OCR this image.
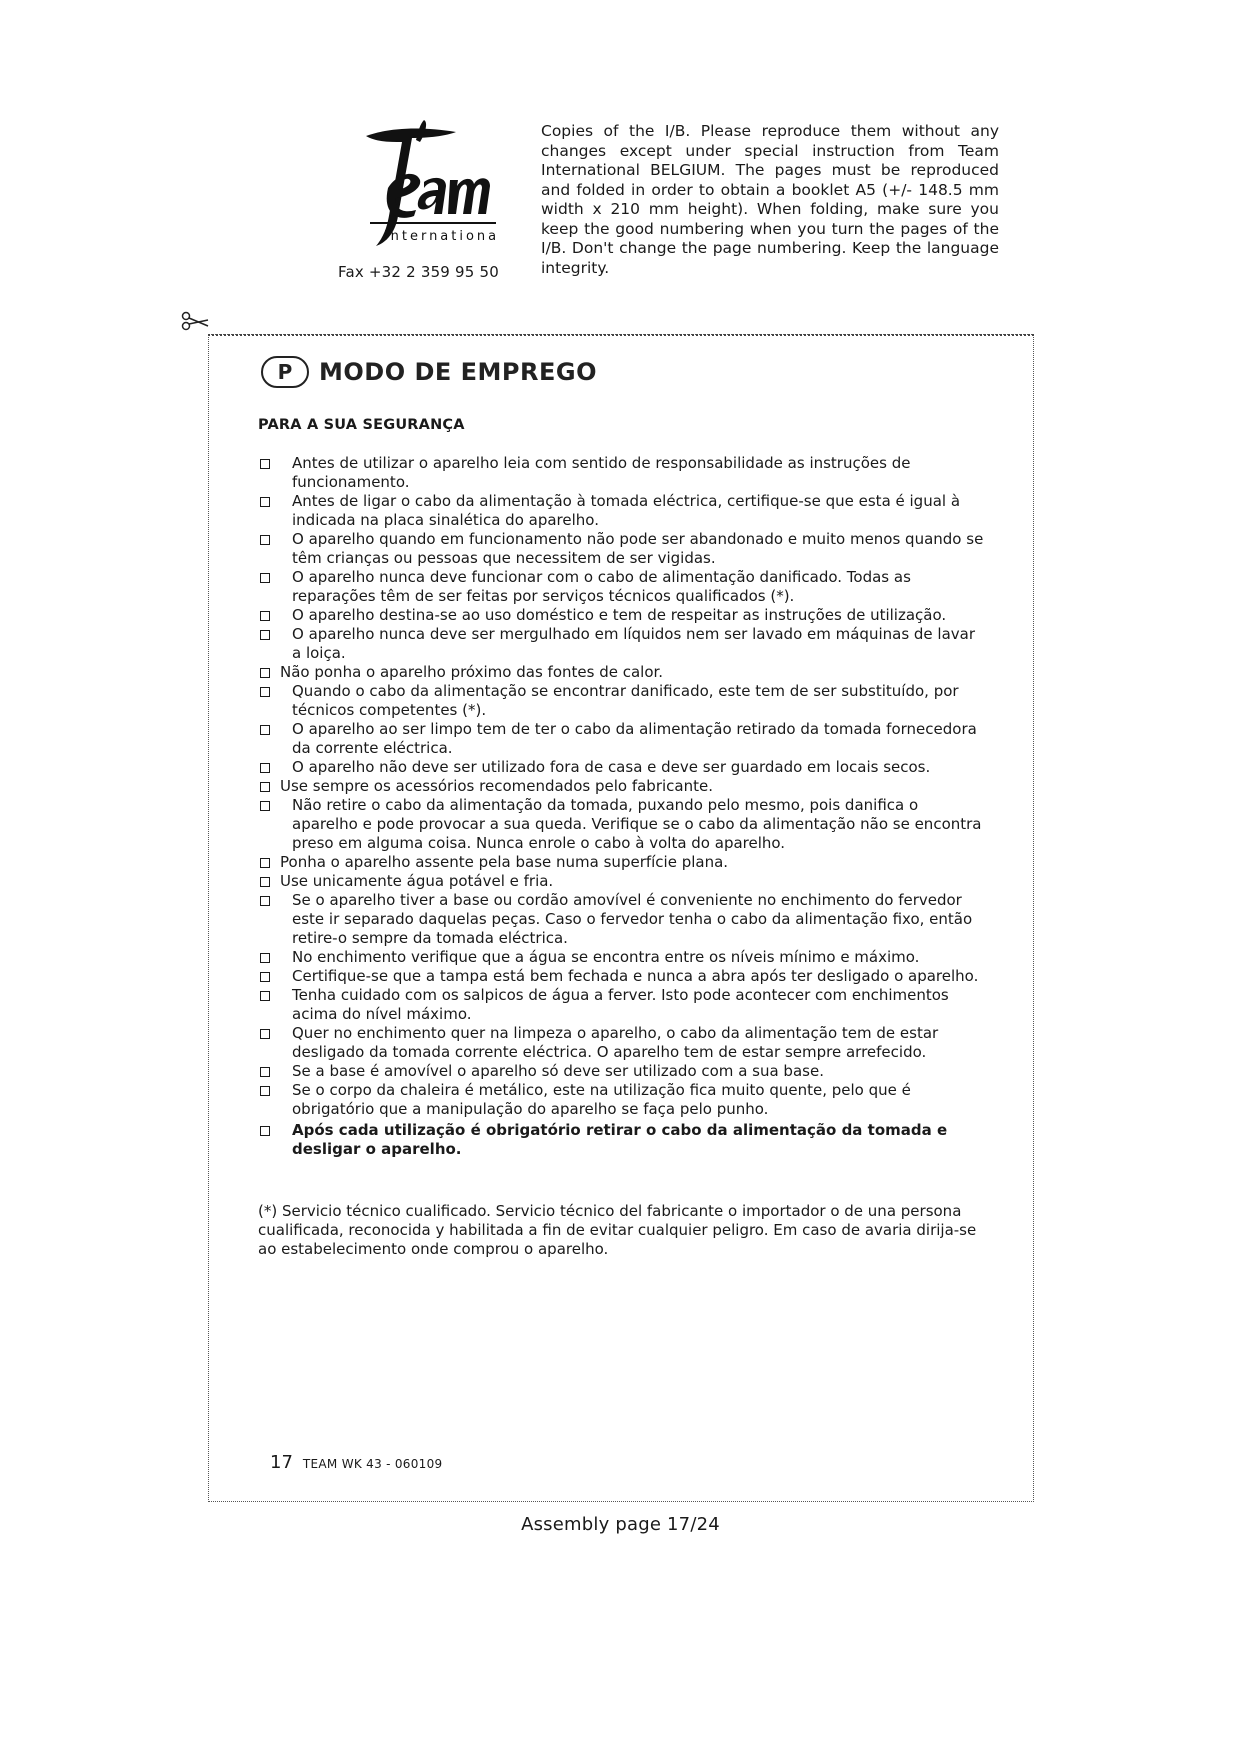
international
Fax +32 2 359 95 50
Copies of the I/B. Please reproduce them without any changes except under special instruction from Team International BELGIUM. The pages must be reproduced and folded in order to obtain a booklet A5 (+/- 148.5 mm width x 210 mm height). When folding, make sure you keep the good numbering when you turn the pages of the I/B. Don't change the page numbering. Keep the language integrity.
P	MODO DE EMPREGO
PARA A SUA SEGURANÇA
Antes de utilizar o aparelho leia com sentido de responsabilidade as instruções de funcionamento.
Antes de ligar o cabo da alimentação à tomada eléctrica, certifique-se que esta é igual à indicada na placa sinalética do aparelho.
O aparelho quando em funcionamento não pode ser abandonado e muito menos quando se têm crianças ou pessoas que necessitem de ser vigidas.
O aparelho nunca deve funcionar com o cabo de alimentação danificado. Todas as reparações têm de ser feitas por serviços técnicos qualificados (*).
O aparelho destina-se ao uso doméstico e tem de respeitar as instruções de utilização.
O aparelho nunca deve ser mergulhado em líquidos nem ser lavado em máquinas de lavar a loiça.
Não ponha o aparelho próximo das fontes de calor.
Quando o cabo da alimentação se encontrar danificado, este tem de ser substituído, por técnicos competentes (*).
O aparelho ao ser limpo tem de ter o cabo da alimentação retirado da tomada fornecedora da corrente eléctrica.
O aparelho não deve ser utilizado fora de casa e deve ser guardado em locais secos.
Use sempre os acessórios recomendados pelo fabricante.
Não retire o cabo da alimentação da tomada, puxando pelo mesmo, pois danifica o aparelho e pode provocar a sua queda. Verifique se o cabo da alimentação não se encontra preso em alguma coisa. Nunca enrole o cabo à volta do aparelho.
Ponha o aparelho assente pela base numa superfície plana.
Use unicamente água potável e fria.
Se o aparelho tiver a base ou cordão amovível é conveniente no enchimento do fervedor este ir separado daquelas peças. Caso o fervedor tenha o cabo da alimentação fixo, então retire-o sempre da tomada eléctrica.
No enchimento verifique que a água se encontra entre os níveis mínimo e máximo.
Certifique-se que a tampa está bem fechada e nunca a abra após ter desligado o aparelho.
Tenha cuidado com os salpicos de água a ferver. Isto pode acontecer com enchimentos acima do nível máximo.
Quer no enchimento quer na limpeza o aparelho, o cabo da alimentação tem de estar desligado da tomada corrente eléctrica. O aparelho tem de estar sempre arrefecido.
Se a base é amovível o aparelho só deve ser utilizado com a sua base.
Se o corpo da chaleira é metálico, este na utilização fica muito quente, pelo que é obrigatório que a manipulação do aparelho se faça pelo punho.
Após cada utilização é obrigatório retirar o cabo da alimentação da tomada e desligar o aparelho.
(*) Servicio técnico cualificado. Servicio técnico del fabricante o importador o de una persona cualificada, reconocida y habilitada a fin de evitar cualquier peligro. Em caso de avaria dirija-se ao estabelecimento onde comprou o aparelho.
17 TEAM WK 43 - 060109
Assembly page 17/24
